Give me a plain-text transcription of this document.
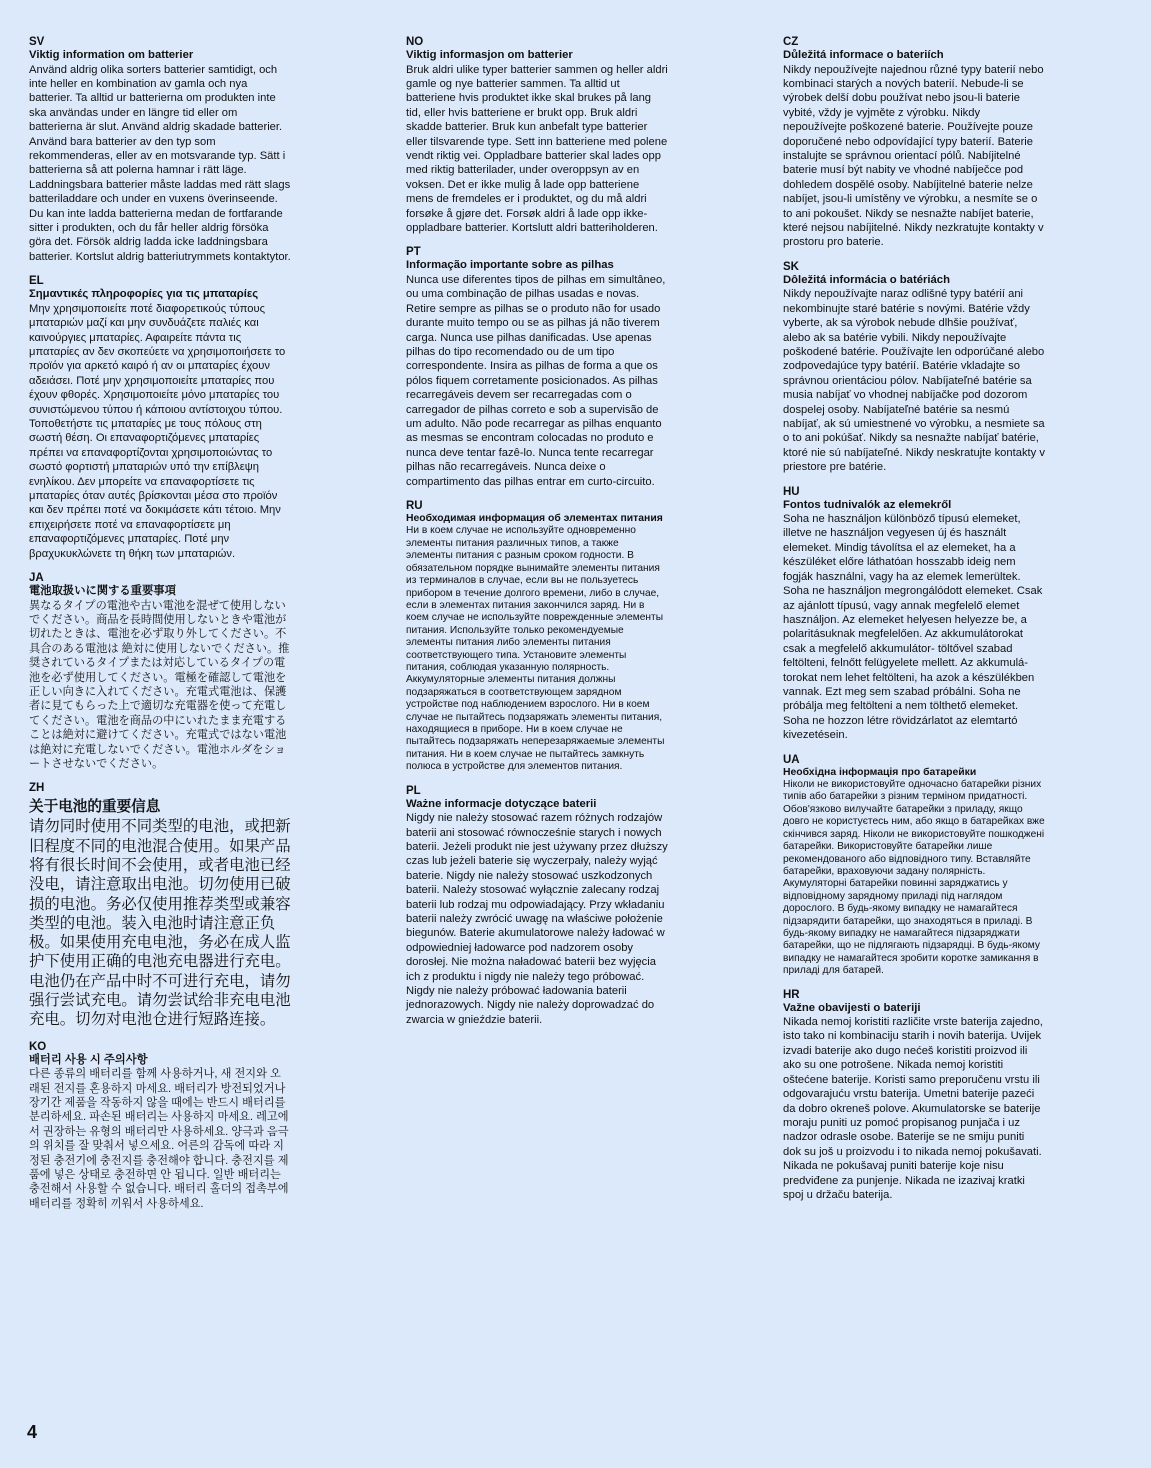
SV
Viktig information om batterier
Använd aldrig olika sorters batterier samtidigt, och inte heller en kombination av gamla och nya batterier. Ta alltid ur batterierna om produkten inte ska användas under en längre tid eller om batterierna är slut. Använd aldrig skadade batterier. Använd bara batterier av den typ som rekommenderas, eller av en motsvarande typ. Sätt i batterierna så att polerna hamnar i rätt läge. Laddningsbara batterier måste laddas med rätt slags batteriladdare och under en vuxens överinseende. Du kan inte ladda batterierna medan de fortfarande sitter i produkten, och du får heller aldrig försöka göra det. Försök aldrig ladda icke laddningsbara batterier. Kortslut aldrig batteriutrymmets kontaktytor.
EL
Σημαντικές πληροφορίες για τις μπαταρίες
Μην χρησιμοποιείτε ποτέ διαφορετικούς τύπους μπαταριών μαζί και μην συνδυάζετε παλιές και καινούργιες μπαταρίες. Αφαιρείτε πάντα τις μπαταρίες αν δεν σκοπεύετε να χρησιμοποιήσετε το προϊόν για αρκετό καιρό ή αν οι μπαταρίες έχουν αδειάσει. Ποτέ μην χρησιμοποιείτε μπαταρίες που έχουν φθορές. Χρησιμοποιείτε μόνο μπαταρίες του συνιστώμενου τύπου ή κάποιου αντίστοιχου τύπου. Τοποθετήστε τις μπαταρίες με τους πόλους στη σωστή θέση. Οι επαναφορτιζόμενες μπαταρίες πρέπει να επαναφορτίζονται χρησιμοποιώντας το σωστό φορτιστή μπαταριών υπό την επίβλεψη ενηλίκου. Δεν μπορείτε να επαναφορτίσετε τις μπαταρίες όταν αυτές βρίσκονται μέσα στο προϊόν και δεν πρέπει ποτέ να δοκιμάσετε κάτι τέτοιο. Μην επιχειρήσετε ποτέ να επαναφορτίσετε μη επαναφορτιζόμενες μπαταρίες. Ποτέ μην βραχυκυκλώνετε τη θήκη των μπαταριών.
JA
電池取扱いに関する重要事項
異なるタイプの電池や古い電池を混ぜて使用しないでください。商品を長時間使用しないときや電池が切れたときは、電池を必ず取り外してください。不具合のある電池は 絶対に使用しないでください。推奨されているタイプまたは対応しているタイプの電池を必ず使用してください。電極を確認して電池を正しい向きに入れてください。充電式電池は、保護者に見てもらった上で適切な充電器を使って充電してください。電池を商品の中にいれたまま充電することは絶対に避けてください。充電式ではない電池は絶対に充電しないでください。電池ホルダをショートさせないでください。
ZH
关于电池的重要信息
请勿同时使用不同类型的电池，或把新旧程度不同的电池混合使用。如果产品将有很长时间不会使用，或者电池已经没电，请注意取出电池。切勿使用已破损的电池。务必仅使用推荐类型或兼容类型的电池。装入电池时请注意正负极。如果使用充电电池，务必在成人监护下使用正确的电池充电器进行充电。电池仍在产品中时不可进行充电，请勿强行尝试充电。请勿尝试给非充电电池充电。切勿对电池仓进行短路连接。
KO
배터리 사용 시 주의사항
다른 종류의 배터리를 함께 사용하거나, 새 전지와 오래된 전지를 혼용하지 마세요. 배터리가 방전되었거나 장기간 제품을 작동하지 않을 때에는 반드시 배터리를 분리하세요. 파손된 배터리는 사용하지 마세요. 레고에서 권장하는 유형의 배터리만 사용하세요. 양극과 음극의 위치를 잘 맞춰서 넣으세요. 어른의 감독에 따라 지정된 충전기에 충전지를 충전해야 합니다. 충전지를 제품에 넣은 상태로 충전하면 안 됩니다. 일반 배터리는 충전해서 사용할 수 없습니다. 배터리 홀더의 접촉부에 배터리를 정확히 끼워서 사용하세요.
NO
Viktig informasjon om batterier
Bruk aldri ulike typer batterier sammen og heller aldri gamle og nye batterier sammen. Ta alltid ut batteriene hvis produktet ikke skal brukes på lang tid, eller hvis batteriene er brukt opp. Bruk aldri skadde batterier. Bruk kun anbefalt type batterier eller tilsvarende type. Sett inn batteriene med polene vendt riktig vei. Oppladbare batterier skal lades opp med riktig batterilader, under overoppsyn av en voksen. Det er ikke mulig å lade opp batteriene mens de fremdeles er i produktet, og du må aldri forsøke å gjøre det. Forsøk aldri å lade opp ikke-oppladbare batterier. Kortslutt aldri batteriholderen.
PT
Informação importante sobre as pilhas
Nunca use diferentes tipos de pilhas em simultâneo, ou uma combinação de pilhas usadas e novas. Retire sempre as pilhas se o produto não for usado durante muito tempo ou se as pilhas já não tiverem carga. Nunca use pilhas danificadas. Use apenas pilhas do tipo recomendado ou de um tipo correspondente. Insira as pilhas de forma a que os pólos fiquem corretamente posicionados. As pilhas recarregáveis devem ser recarregadas com o carregador de pilhas correto e sob a supervisão de um adulto. Não pode recarregar as pilhas enquanto as mesmas se encontram colocadas no produto e nunca deve tentar fazê-lo. Nunca tente recarregar pilhas não recarregáveis. Nunca deixe o compartimento das pilhas entrar em curto-circuito.
RU
Необходимая информация об элементах питания
Ни в коем случае не используйте одновременно элементы питания различных типов, а также элементы питания с разным сроком годности. В обязательном порядке вынимайте элементы питания из терминалов в случае, если вы не пользуетесь прибором в течение долгого времени, либо в случае, если в элементах питания закончился заряд. Ни в коем случае не используйте поврежденные элементы питания. Используйте только рекомендуемые элементы питания либо элементы питания соответствующего типа. Установите элементы питания, соблюдая указанную полярность. Аккумуляторные элементы питания должны подзаряжаться в соответствующем зарядном устройстве под наблюдением взрослого. Ни в коем случае не пытайтесь подзаряжать элементы питания, находящиеся в приборе. Ни в коем случае не пытайтесь подзаряжать неперезаряжаемые элементы питания. Ни в коем случае не пытайтесь замкнуть полюса в устройстве для элементов питания.
PL
Ważne informacje dotyczące baterii
Nigdy nie należy stosować razem różnych rodzajów baterii ani stosować równocześnie starych i nowych baterii. Jeżeli produkt nie jest używany przez dłuższy czas lub jeżeli baterie się wyczerpały, należy wyjąć baterie. Nigdy nie należy stosować uszkodzonych baterii. Należy stosować wyłącznie zalecany rodzaj baterii lub rodzaj mu odpowiadający. Przy wkładaniu baterii należy zwrócić uwagę na właściwe położenie biegunów. Baterie akumulatorowe należy ładować w odpowiedniej ładowarce pod nadzorem osoby dorosłej. Nie można naładować baterii bez wyjęcia ich z produktu i nigdy nie należy tego próbować. Nigdy nie należy próbować ładowania baterii jednorazowych. Nigdy nie należy doprowadzać do zwarcia w gnieździe baterii.
CZ
Důležitá informace o bateriích
Nikdy nepoužívejte najednou různé typy baterií nebo kombinaci starých a nových baterií. Nebude-li se výrobek delší dobu používat nebo jsou-li baterie vybité, vždy je vyjměte z výrobku. Nikdy nepoužívejte poškozené baterie. Používejte pouze doporučené nebo odpovídající typy baterií. Baterie instalujte se správnou orientací pólů. Nabíjitelné baterie musí být nabity ve vhodné nabíječce pod dohledem dospělé osoby. Nabíjitelné baterie nelze nabíjet, jsou-li umístěny ve výrobku, a nesmíte se o to ani pokoušet. Nikdy se nesnažte nabíjet baterie, které nejsou nabíjitelné. Nikdy nezkratujte kontakty v prostoru pro baterie.
SK
Dôležitá informácia o batériách
Nikdy nepoužívajte naraz odlišné typy batérií ani nekombinujte staré batérie s novými. Batérie vždy vyberte, ak sa výrobok nebude dlhšie používať, alebo ak sa batérie vybili. Nikdy nepoužívajte poškodené batérie. Používajte len odporúčané alebo zodpovedajúce typy batérií. Batérie vkladajte so správnou orientáciou pólov. Nabíjateľné batérie sa musia nabíjať vo vhodnej nabíjačke pod dozorom dospelej osoby. Nabíjateľné batérie sa nesmú nabíjať, ak sú umiestnené vo výrobku, a nesmiete sa o to ani pokúšať. Nikdy sa nesnažte nabíjať batérie, ktoré nie sú nabíjateľné. Nikdy neskratujte kontakty v priestore pre batérie.
HU
Fontos tudnivalók az elemekről
Soha ne használjon különböző típusú elemeket, illetve ne használjon vegyesen új és használt elemeket. Mindig távolítsa el az elemeket, ha a készüléket előre láthatóan hosszabb ideig nem fogják használni, vagy ha az elemek lemerültek. Soha ne használjon megrongálódott elemeket. Csak az ajánlott típusú, vagy annak megfelelő elemet használjon. Az elemeket helyesen helyezze be, a polaritásuknak megfelelően. Az akkumulátorokat csak a megfelelő akkumulátor- töltővel szabad feltölteni, felnőtt felügyelete mellett. Az akkumulá- torokat nem lehet feltölteni, ha azok a készülékben vannak. Ezt meg sem szabad próbálni. Soha ne próbálja meg feltölteni a nem tölthető elemeket. Soha ne hozzon létre rövidzárlatot az elemtartó kivezetésein.
UA
Необхідна інформація про батарейки
Ніколи не використовуйте одночасно батарейки різних типів або батарейки з різним терміном придатності. Обов'язково вилучайте батарейки з приладу, якщо довго не користуєтесь ним, або якщо в батарейках вже скінчився заряд. Ніколи не використовуйте пошкоджені батарейки. Використовуйте батарейки лише рекомендованого або відповідного типу. Вставляйте батарейки, враховуючи задану полярність. Акумуляторні батарейки повинні заряджатись у відповідному зарядному приладі під наглядом дорослого. В будь-якому випадку не намагайтеся підзарядити батарейки, що знаходяться в приладі. В будь-якому випадку не намагайтеся підзаряджати батарейки, що не підлягають підзарядці. В будь-якому випадку не намагайтеся зробити коротке замикання в приладі для батарей.
HR
Važne obavijesti o bateriji
Nikada nemoj koristiti različite vrste baterija zajedno, isto tako ni kombinaciju starih i novih baterija. Uvijek izvadi baterije ako dugo nećeš koristiti proizvod ili ako su one potrošene. Nikada nemoj koristiti oštećene baterije. Koristi samo preporučenu vrstu ili odgovarajuću vrstu baterija. Umetni baterije pazeći da dobro okreneš polove. Akumulatorske se baterije moraju puniti uz pomoć propisanog punjača i uz nadzor odrasle osobe. Baterije se ne smiju puniti dok su još u proizvodu i to nikada nemoj pokušavati. Nikada ne pokušavaj puniti baterije koje nisu predviđene za punjenje. Nikada ne izazivaj kratki spoj u držaču baterija.
4
